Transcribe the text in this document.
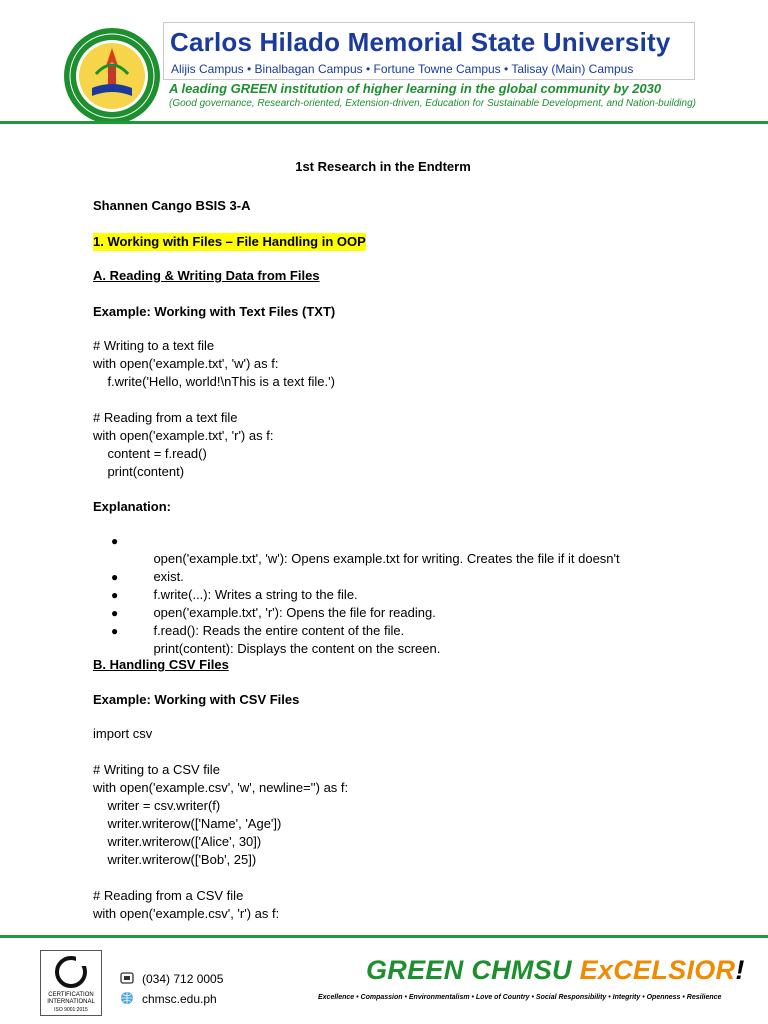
Carlos Hilado Memorial State University
Alijis Campus • Binalbagan Campus • Fortune Towne Campus • Talisay (Main) Campus
A leading GREEN institution of higher learning in the global community by 2030
(Good governance, Research-oriented, Extension-driven, Education for Sustainable Development, and Nation-building)
1st Research in the Endterm
Shannen Cango BSIS 3-A
1. Working with Files – File Handling in OOP
A. Reading & Writing Data from Files
Example: Working with Text Files (TXT)
# Writing to a text file
with open('example.txt', 'w') as f:
f.write('Hello, world!\nThis is a text file.')
# Reading from a text file
with open('example.txt', 'r') as f:
content = f.read()
print(content)
Explanation:

●
open('example.txt', 'w'): Opens example.txt for writing. Creates the file if it doesn't

exist.

●
f.write(...): Writes a string to the file.

●
open('example.txt', 'r'): Opens the file for reading.

●
f.read(): Reads the entire content of the file.

●
print(content): Displays the content on the screen.

B. Handling CSV Files
Example: Working with CSV Files
import csv
# Writing to a CSV file
with open('example.csv', 'w', newline='') as f:
writer = csv.writer(f)
writer.writerow(['Name', 'Age'])
writer.writerow(['Alice', 30])
writer.writerow(['Bob', 25])
# Reading from a CSV file
with open('example.csv', 'r') as f:
CERTIFICATION
INTERNATIONAL
ISO 9001:2015
(034) 712 0005
chmsc.edu.ph
GREEN CHMSU ExCELSIOR!
Excellence • Compassion • Environmentalism • Love of Country • Social Responsibility • Integrity • Openness • Resilience
